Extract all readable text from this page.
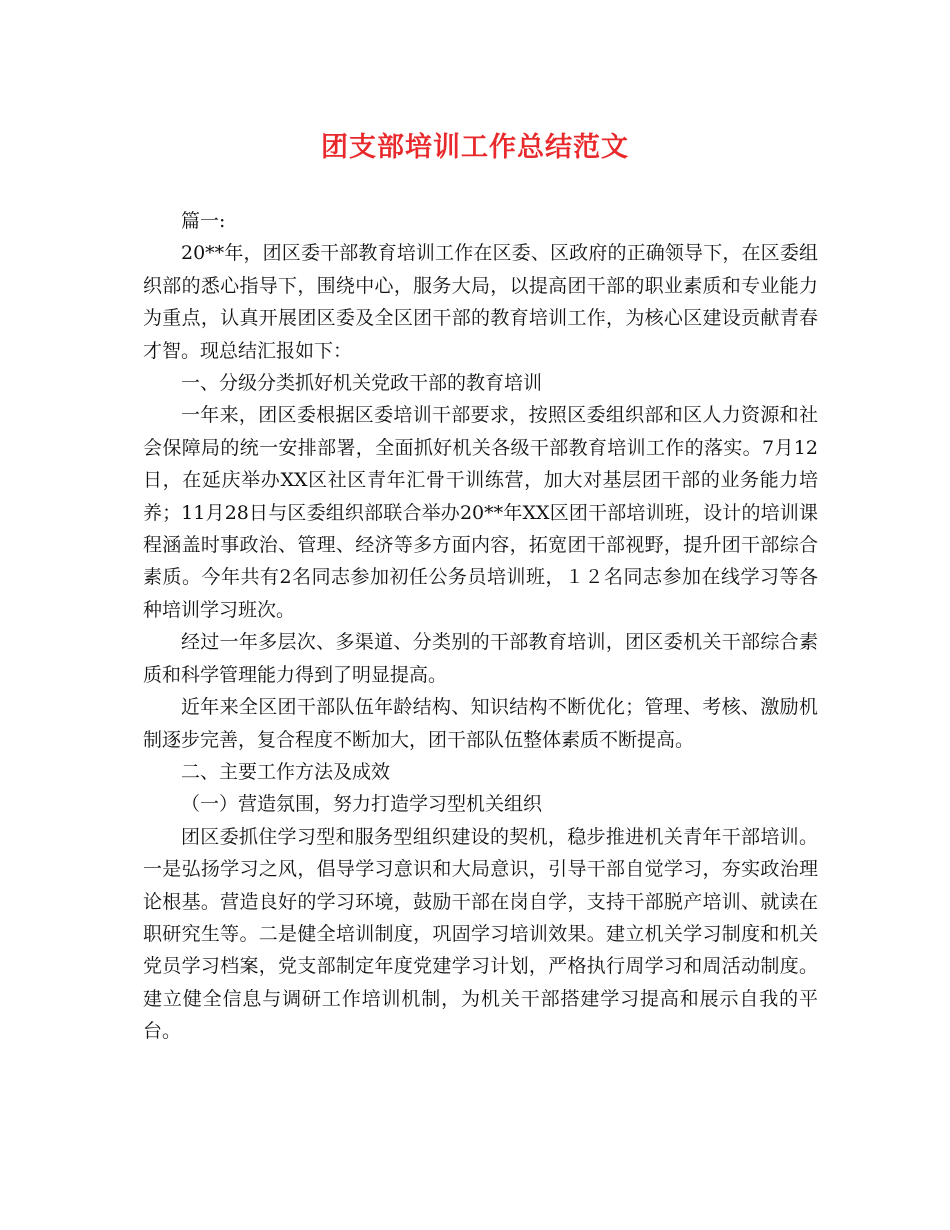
团支部培训工作总结范文

篇一:

20**年，团区委干部教育培训工作在区委、区政府的正确领导下，在区委组织部的悉心指导下，围绕中心，服务大局，以提高团干部的职业素质和专业能力为重点，认真开展团区委及全区团干部的教育培训工作，为核心区建设贡献青春才智。现总结汇报如下：

一、分级分类抓好机关党政干部的教育培训

一年来，团区委根据区委培训干部要求，按照区委组织部和区人力资源和社会保障局的统一安排部署，全面抓好机关各级干部教育培训工作的落实。7月12日，在延庆举办XX区社区青年汇骨干训练营，加大对基层团干部的业务能力培养；11月28日与区委组织部联合举办20**年XX区团干部培训班，设计的培训课程涵盖时事政治、管理、经济等多方面内容，拓宽团干部视野，提升团干部综合素质。今年共有2名同志参加初任公务员培训班，１２名同志参加在线学习等各种培训学习班次。

经过一年多层次、多渠道、分类别的干部教育培训，团区委机关干部综合素质和科学管理能力得到了明显提高。

近年来全区团干部队伍年龄结构、知识结构不断优化；管理、考核、激励机制逐步完善，复合程度不断加大，团干部队伍整体素质不断提高。

二、主要工作方法及成效

（一）营造氛围，努力打造学习型机关组织

团区委抓住学习型和服务型组织建设的契机，稳步推进机关青年干部培训。一是弘扬学习之风，倡导学习意识和大局意识，引导干部自觉学习，夯实政治理论根基。营造良好的学习环境，鼓励干部在岗自学，支持干部脱产培训、就读在职研究生等。二是健全培训制度，巩固学习培训效果。建立机关学习制度和机关党员学习档案，党支部制定年度党建学习计划，严格执行周学习和周活动制度。建立健全信息与调研工作培训机制，为机关干部搭建学习提高和展示自我的平台。
